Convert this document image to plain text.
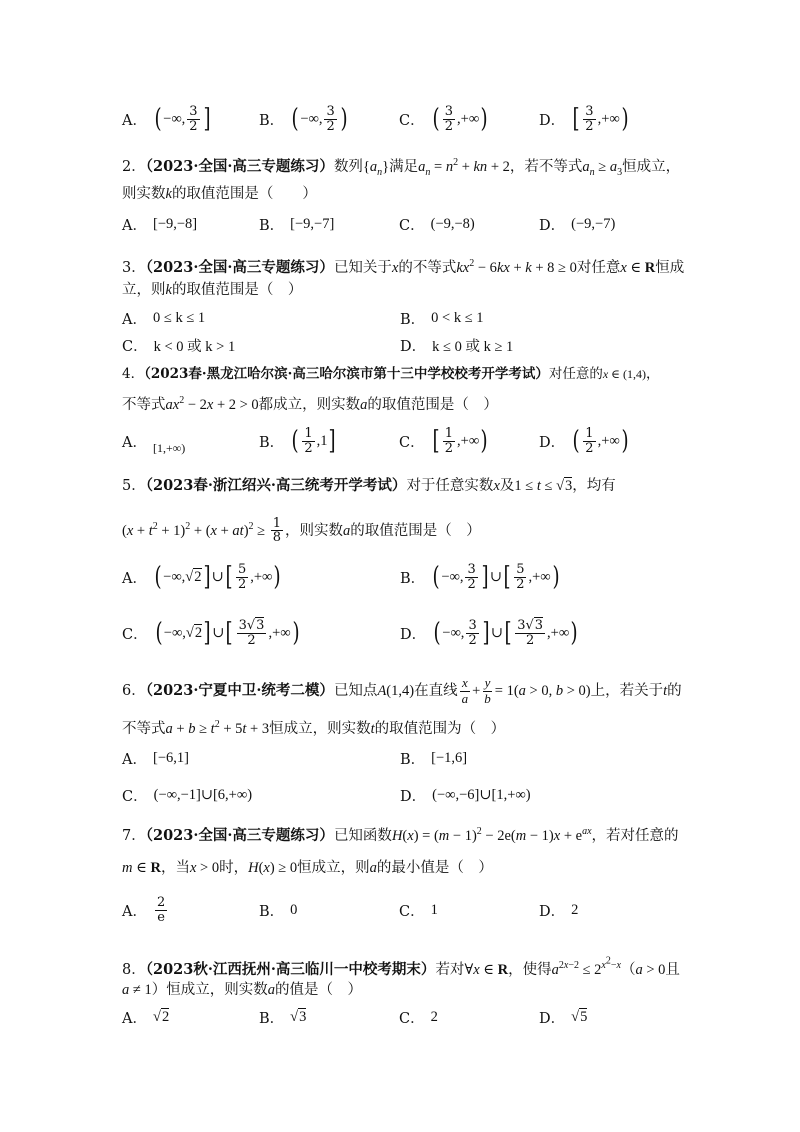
A． ( −∞, $\frac{3}{2}$ ]	B． ( −∞, $\frac{3}{2}$ )	C． ( $\frac{3}{2}$ ,+∞ )	D． [ $\frac{3}{2}$ ,+∞ )
2．（2023·全国·高三专题练习）数列$\{a_n\}$满足$a_n = n^2$ + kn + 2，若不等式$a_n \ge a_3$恒成立，
则实数k的取值范围是（　　）
A． [−9,−8]	B． [−9,−7]	C． (−9,−8)	D． (−9,−7)
3．（2023·全国·高三专题练习）已知关于x的不等式$kx^2 - 6kx + k + 8 \ge 0$对任意x ∈ R恒成
立，则k的取值范围是（　）
A． 0 ≤ k ≤ 1	B． 0 < k ≤ 1
C． k < 0 或 k > 1	D． k ≤ 0 或 k ≥ 1
4．（2023春·黑龙江哈尔滨·高三哈尔滨市第十三中学校校考开学考试）对任意的x ∈ (1,4)，
不等式$ax^2 - 2x + 2 > 0$都成立，则实数a的取值范围是（　）
A． [1,+∞)	B． ( $\frac{1}{2} ,1$ ]	C． [ $\frac{1}{2}$ ,+∞ )	D． ( $\frac{1}{2}$ ,+∞ )
5．（2023春·浙江绍兴·高三统考开学考试）对于任意实数x及1 ≤ t ≤ √3，均有
$(x + t^2 + 1)^2 + (x + at)^2 \ge \frac{1}{8}$ ，则实数a的取值范围是（　）
A． ( −∞,√2 ] ∪ [ $\frac{5}{2}$ ,+∞ )	B． ( −∞, $\frac{3}{2}$ ] ∪ [ $\frac{5}{2}$ ,+∞ )
C． ( −∞,√2 ] ∪ [ $\frac{3√3}{2}$ ,+∞ )	D． ( −∞, $\frac{3}{2}$ ] ∪ [ $\frac{3√3}{2}$ ,+∞ )
6．（2023·宁夏中卫·统考二模）已知点A(1,4)在直线 $\frac{x}{a} + \frac{y}{b} = 1(a > 0$, b > 0)上，若关于t的
不等式$a + b \ge t^2 + 5t + 3$恒成立，则实数t的取值范围为（　）
A． [−6,1]	B． [−1,6]
C． (−∞,−1]∪[6,+∞)	D． (−∞,−6]∪[1,+∞)
7．（2023·全国·高三专题练习）已知函数$H(x) = (m - 1)^2 - 2e(m - 1)x + e^{ax}$，若对任意的
m ∈ R，当x > 0时，H(x) ≥ 0恒成立，则a的最小值是（　）
A． $\frac{2}{e}$	B． 0	C． 1	D． 2
8．（2023秋·江西抚州·高三临川一中校考期末）若对∀x ∈ R，使得$a^{2x-2} \le 2^{x^2-x}(a > 0$且
a ≠ 1）恒成立，则实数a的值是（　）
A． √2	B． √3	C． 2	D． √5
